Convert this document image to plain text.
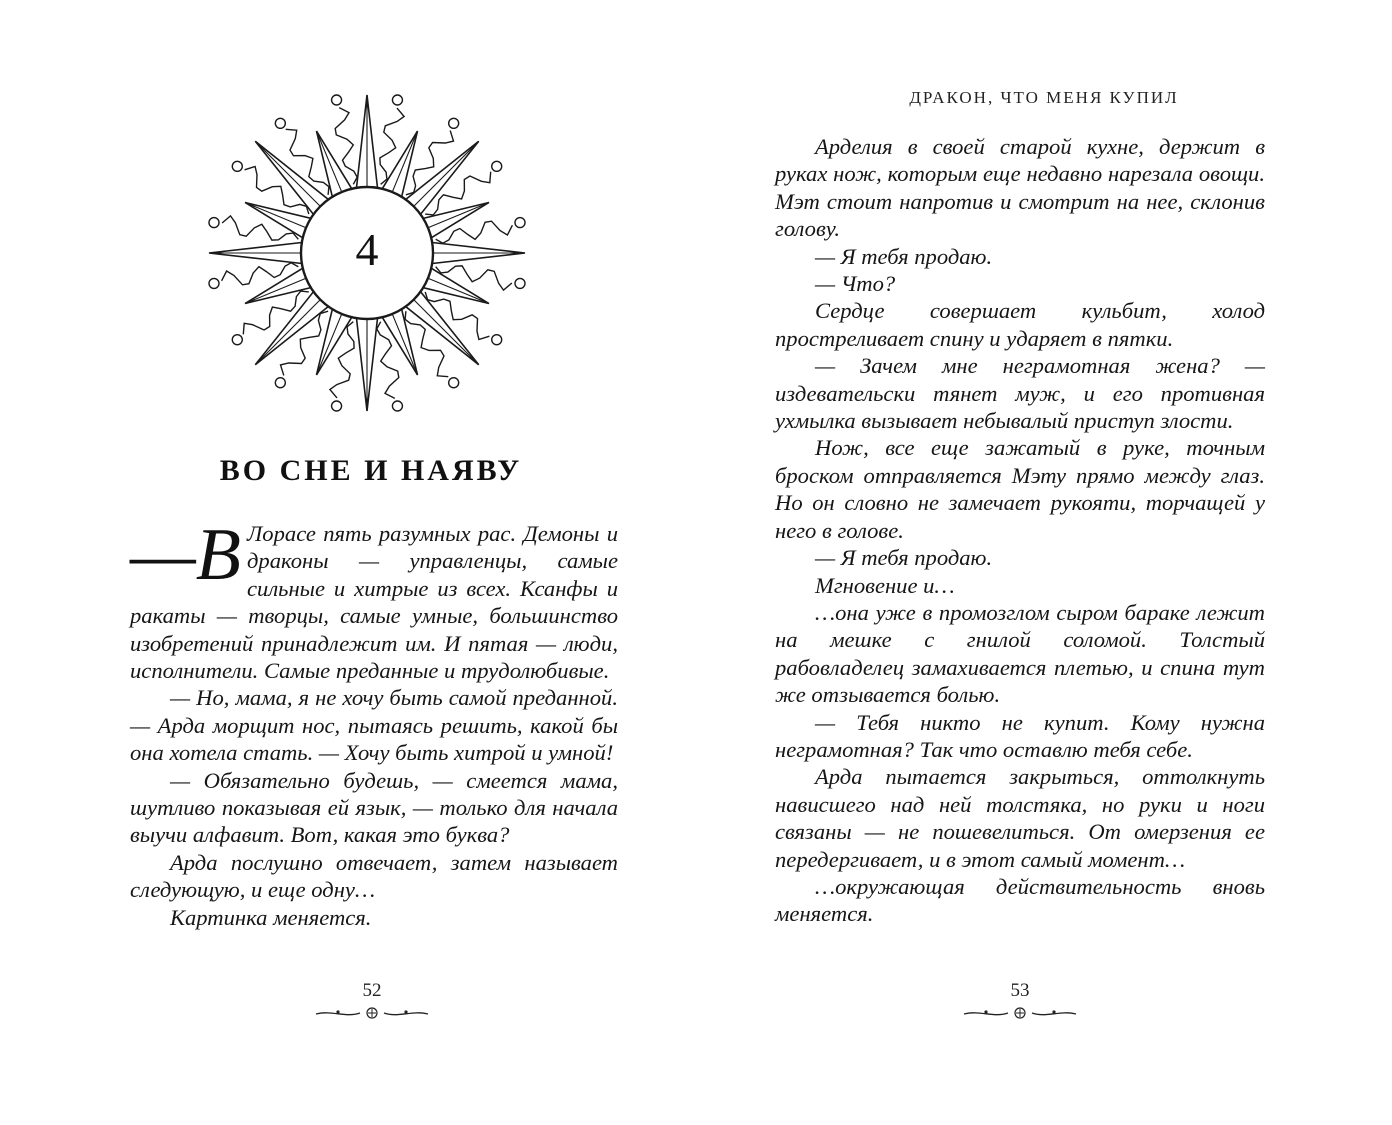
4
ВО СНЕ И НАЯВУ

—В Лорасе пять разумных рас. Демоны и драконы — управленцы, самые сильные и хитрые из всех. Ксанфы и ракаты — творцы, самые умные, большинство изобретений принадлежит им. И пятая — люди, исполнители. Самые преданные и трудолюбивые.

— Но, мама, я не хочу быть самой преданной. — Арда морщит нос, пытаясь решить, какой бы она хотела стать. — Хочу быть хитрой и умной!

— Обязательно будешь, — смеется мама, шутливо показывая ей язык, — только для начала выучи алфавит. Вот, какая это буква?

Арда послушно отвечает, затем называет следующую, и еще одну…

Картинка меняется.

52
ДРАКОН, ЧТО МЕНЯ КУПИЛ

Арделия в своей старой кухне, держит в руках нож, которым еще недавно нарезала овощи. Мэт стоит напротив и смотрит на нее, склонив голову.

— Я тебя продаю.

— Что?

Сердце совершает кульбит, холод простреливает спину и ударяет в пятки.

— Зачем мне неграмотная жена? — издевательски тянет муж, и его противная ухмылка вызывает небывалый приступ злости.

Нож, все еще зажатый в руке, точным броском отправляется Мэту прямо между глаз. Но он словно не замечает рукояти, торчащей у него в голове.

— Я тебя продаю.

Мгновение и…

…она уже в промозглом сыром бараке лежит на мешке с гнилой соломой. Толстый рабовладелец замахивается плетью, и спина тут же отзывается болью.

— Тебя никто не купит. Кому нужна неграмотная? Так что оставлю тебя себе.

Арда пытается закрыться, оттолкнуть нависшего над ней толстяка, но руки и ноги связаны — не пошевелиться. От омерзения ее передергивает, и в этот самый момент…

…окружающая действительность вновь меняется.

53
